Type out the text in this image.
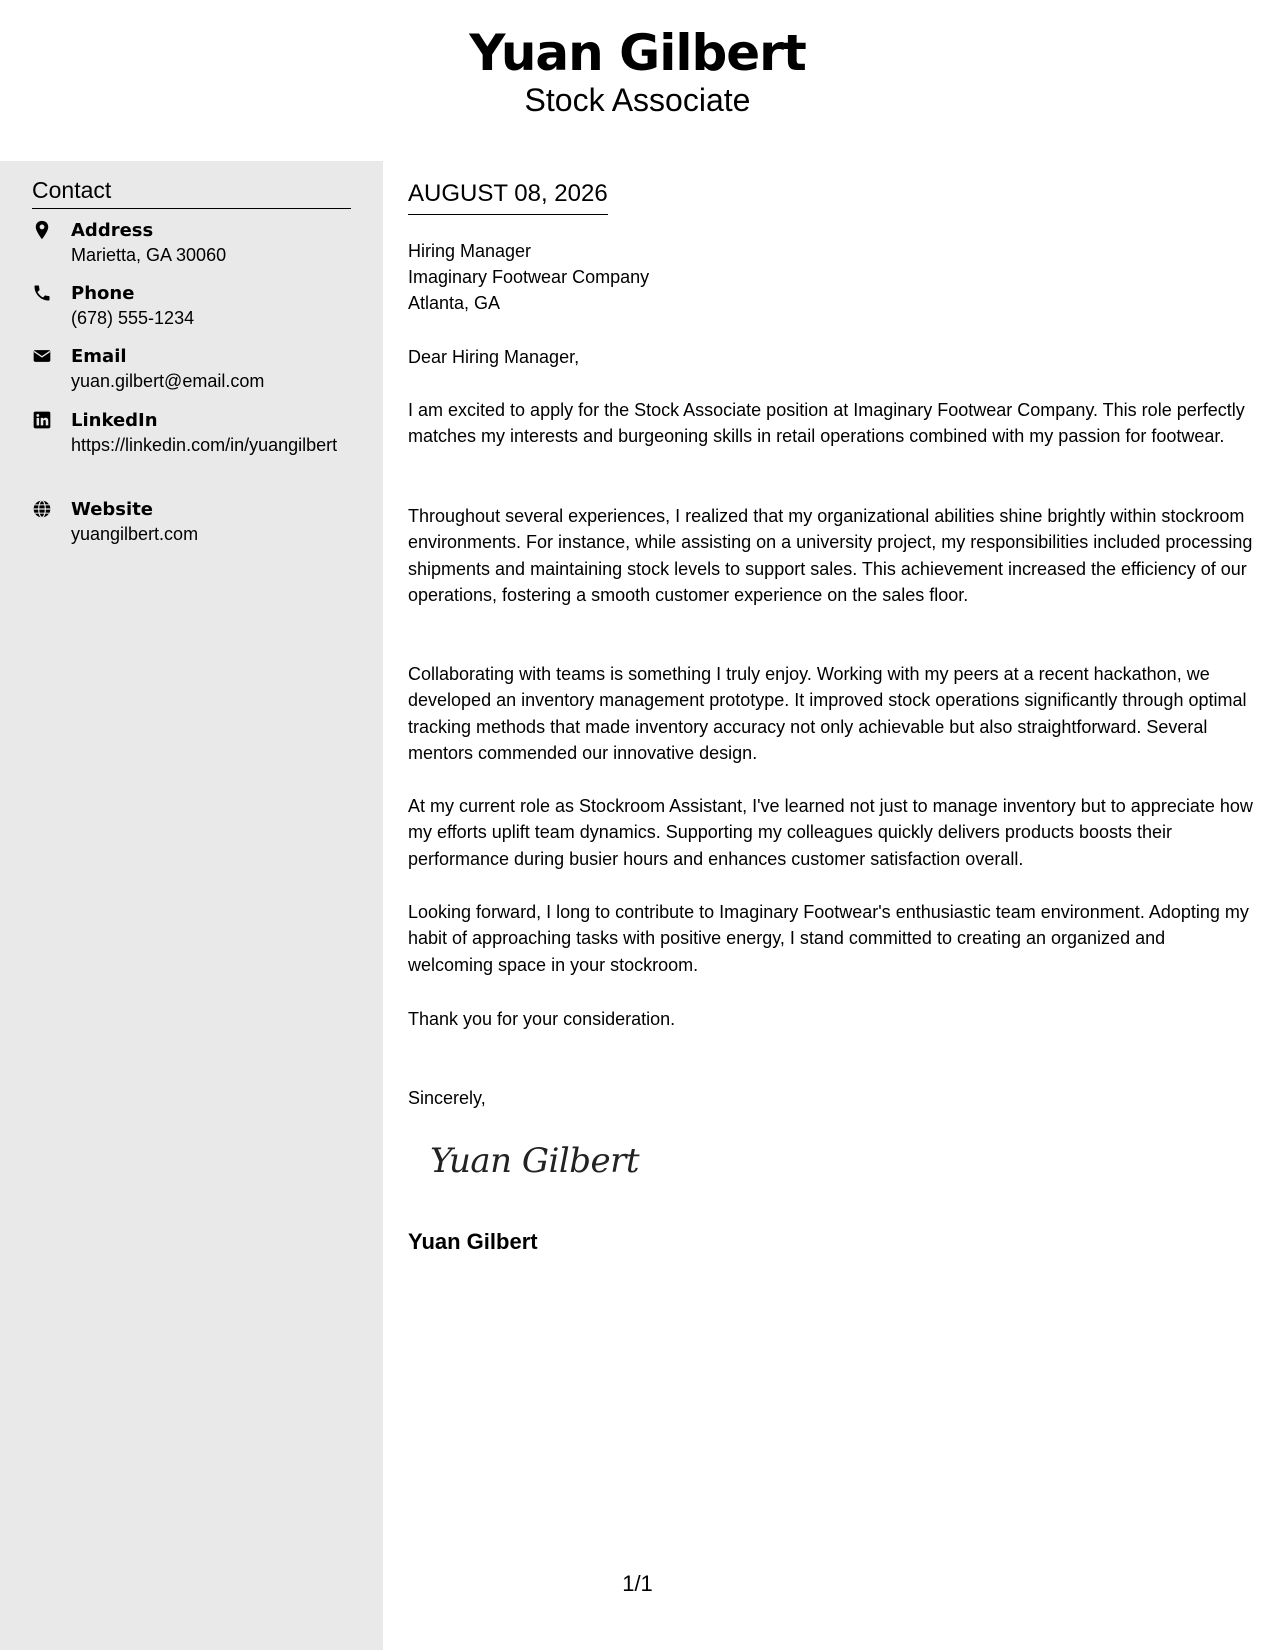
Yuan Gilbert
Stock Associate
Contact
Address
Marietta, GA 30060
Phone
(678) 555-1234
Email
yuan.gilbert@email.com
LinkedIn
https://linkedin.com/in/yuangilbert
Website
yuangilbert.com
AUGUST 08, 2026
Hiring Manager
Imaginary Footwear Company
Atlanta, GA

Dear Hiring Manager,

I am excited to apply for the Stock Associate position at Imaginary Footwear Company. This role perfectly matches my interests and burgeoning skills in retail operations combined with my passion for footwear.

Throughout several experiences, I realized that my organizational abilities shine brightly within stockroom environments. For instance, while assisting on a university project, my responsibilities included processing shipments and maintaining stock levels to support sales. This achievement increased the efficiency of our operations, fostering a smooth customer experience on the sales floor.

Collaborating with teams is something I truly enjoy. Working with my peers at a recent hackathon, we developed an inventory management prototype. It improved stock operations significantly through optimal tracking methods that made inventory accuracy not only achievable but also straightforward. Several mentors commended our innovative design.

At my current role as Stockroom Assistant, I've learned not just to manage inventory but to appreciate how my efforts uplift team dynamics. Supporting my colleagues quickly delivers products boosts their performance during busier hours and enhances customer satisfaction overall.

Looking forward, I long to contribute to Imaginary Footwear's enthusiastic team environment. Adopting my habit of approaching tasks with positive energy, I stand committed to creating an organized and welcoming space in your stockroom.

Thank you for your consideration.

Sincerely,

Yuan Gilbert
Yuan Gilbert
1/1
